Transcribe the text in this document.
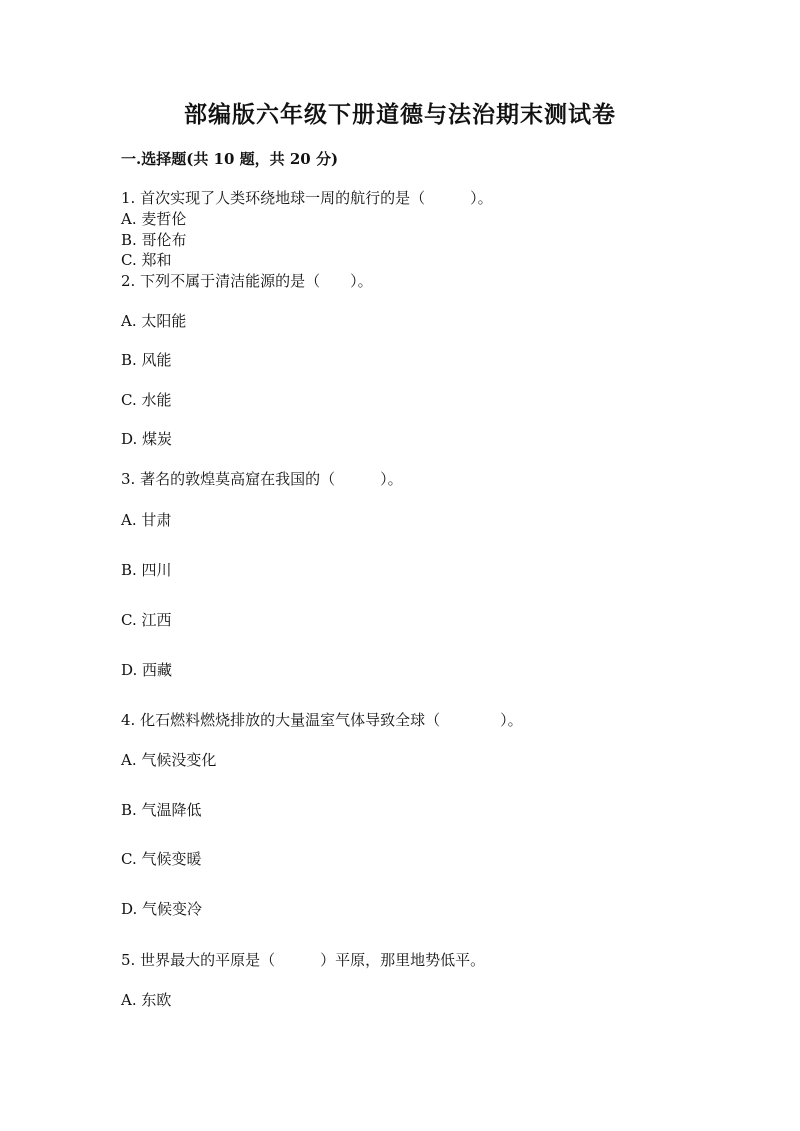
部编版六年级下册道德与法治期末测试卷
一.选择题(共 10 题，共 20 分)
1. 首次实现了人类环绕地球一周的航行的是（　　　）。
A. 麦哲伦
B. 哥伦布
C. 郑和
2. 下列不属于清洁能源的是（　　）。
A. 太阳能
B. 风能
C. 水能
D. 煤炭
3. 著名的敦煌莫高窟在我国的（　　　）。
A. 甘肃
B. 四川
C. 江西
D. 西藏
4. 化石燃料燃烧排放的大量温室气体导致全球（　　　　）。
A. 气候没变化
B. 气温降低
C. 气候变暖
D. 气候变冷
5. 世界最大的平原是（　　　）平原，那里地势低平。
A. 东欧
